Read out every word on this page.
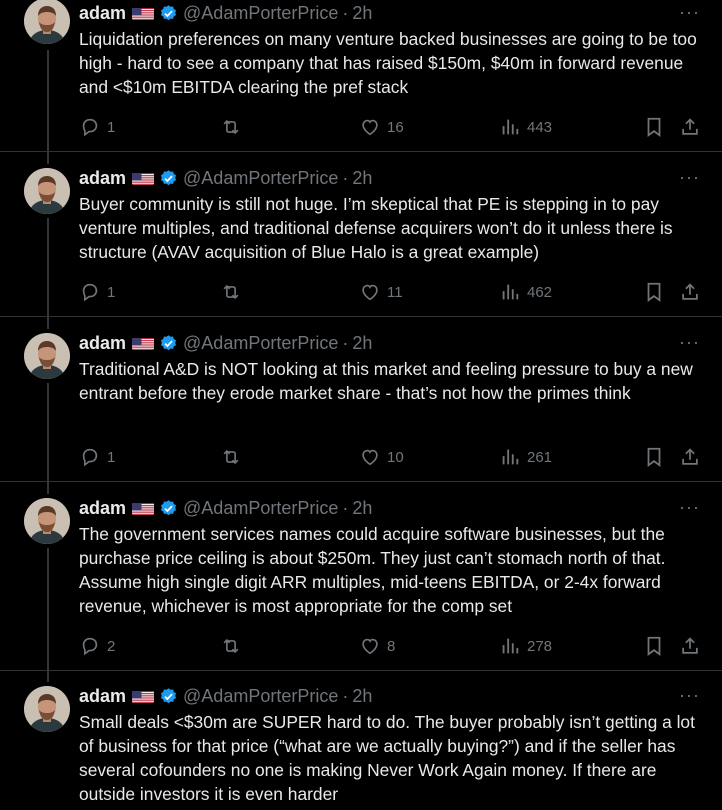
adam	@AdamPorterPrice · 2h	···
Liquidation preferences on many venture backed businesses are going to be too high - hard to see a company that has raised $150m, $40m in forward revenue and <$10m EBITDA clearing the pref stack
1	16	443
adam	@AdamPorterPrice · 2h	···
Buyer community is still not huge. I’m skeptical that PE is stepping in to pay venture multiples, and traditional defense acquirers won’t do it unless there is structure (AVAV acquisition of Blue Halo is a great example)
1	11	462
adam	@AdamPorterPrice · 2h	···
Traditional A&D is NOT looking at this market and feeling pressure to buy a new entrant before they erode market share - that’s not how the primes think
1	10	261
adam	@AdamPorterPrice · 2h	···
The government services names could acquire software businesses, but the purchase price ceiling is about $250m. They just can’t stomach north of that. Assume high single digit ARR multiples, mid-teens EBITDA, or 2-4x forward revenue, whichever is most appropriate for the comp set
2	8	278
adam	@AdamPorterPrice · 2h	···
Small deals <$30m are SUPER hard to do. The buyer probably isn’t getting a lot of business for that price (“what are we actually buying?”) and if the seller has several cofounders no one is making Never Work Again money. If there are outside investors it is even harder
